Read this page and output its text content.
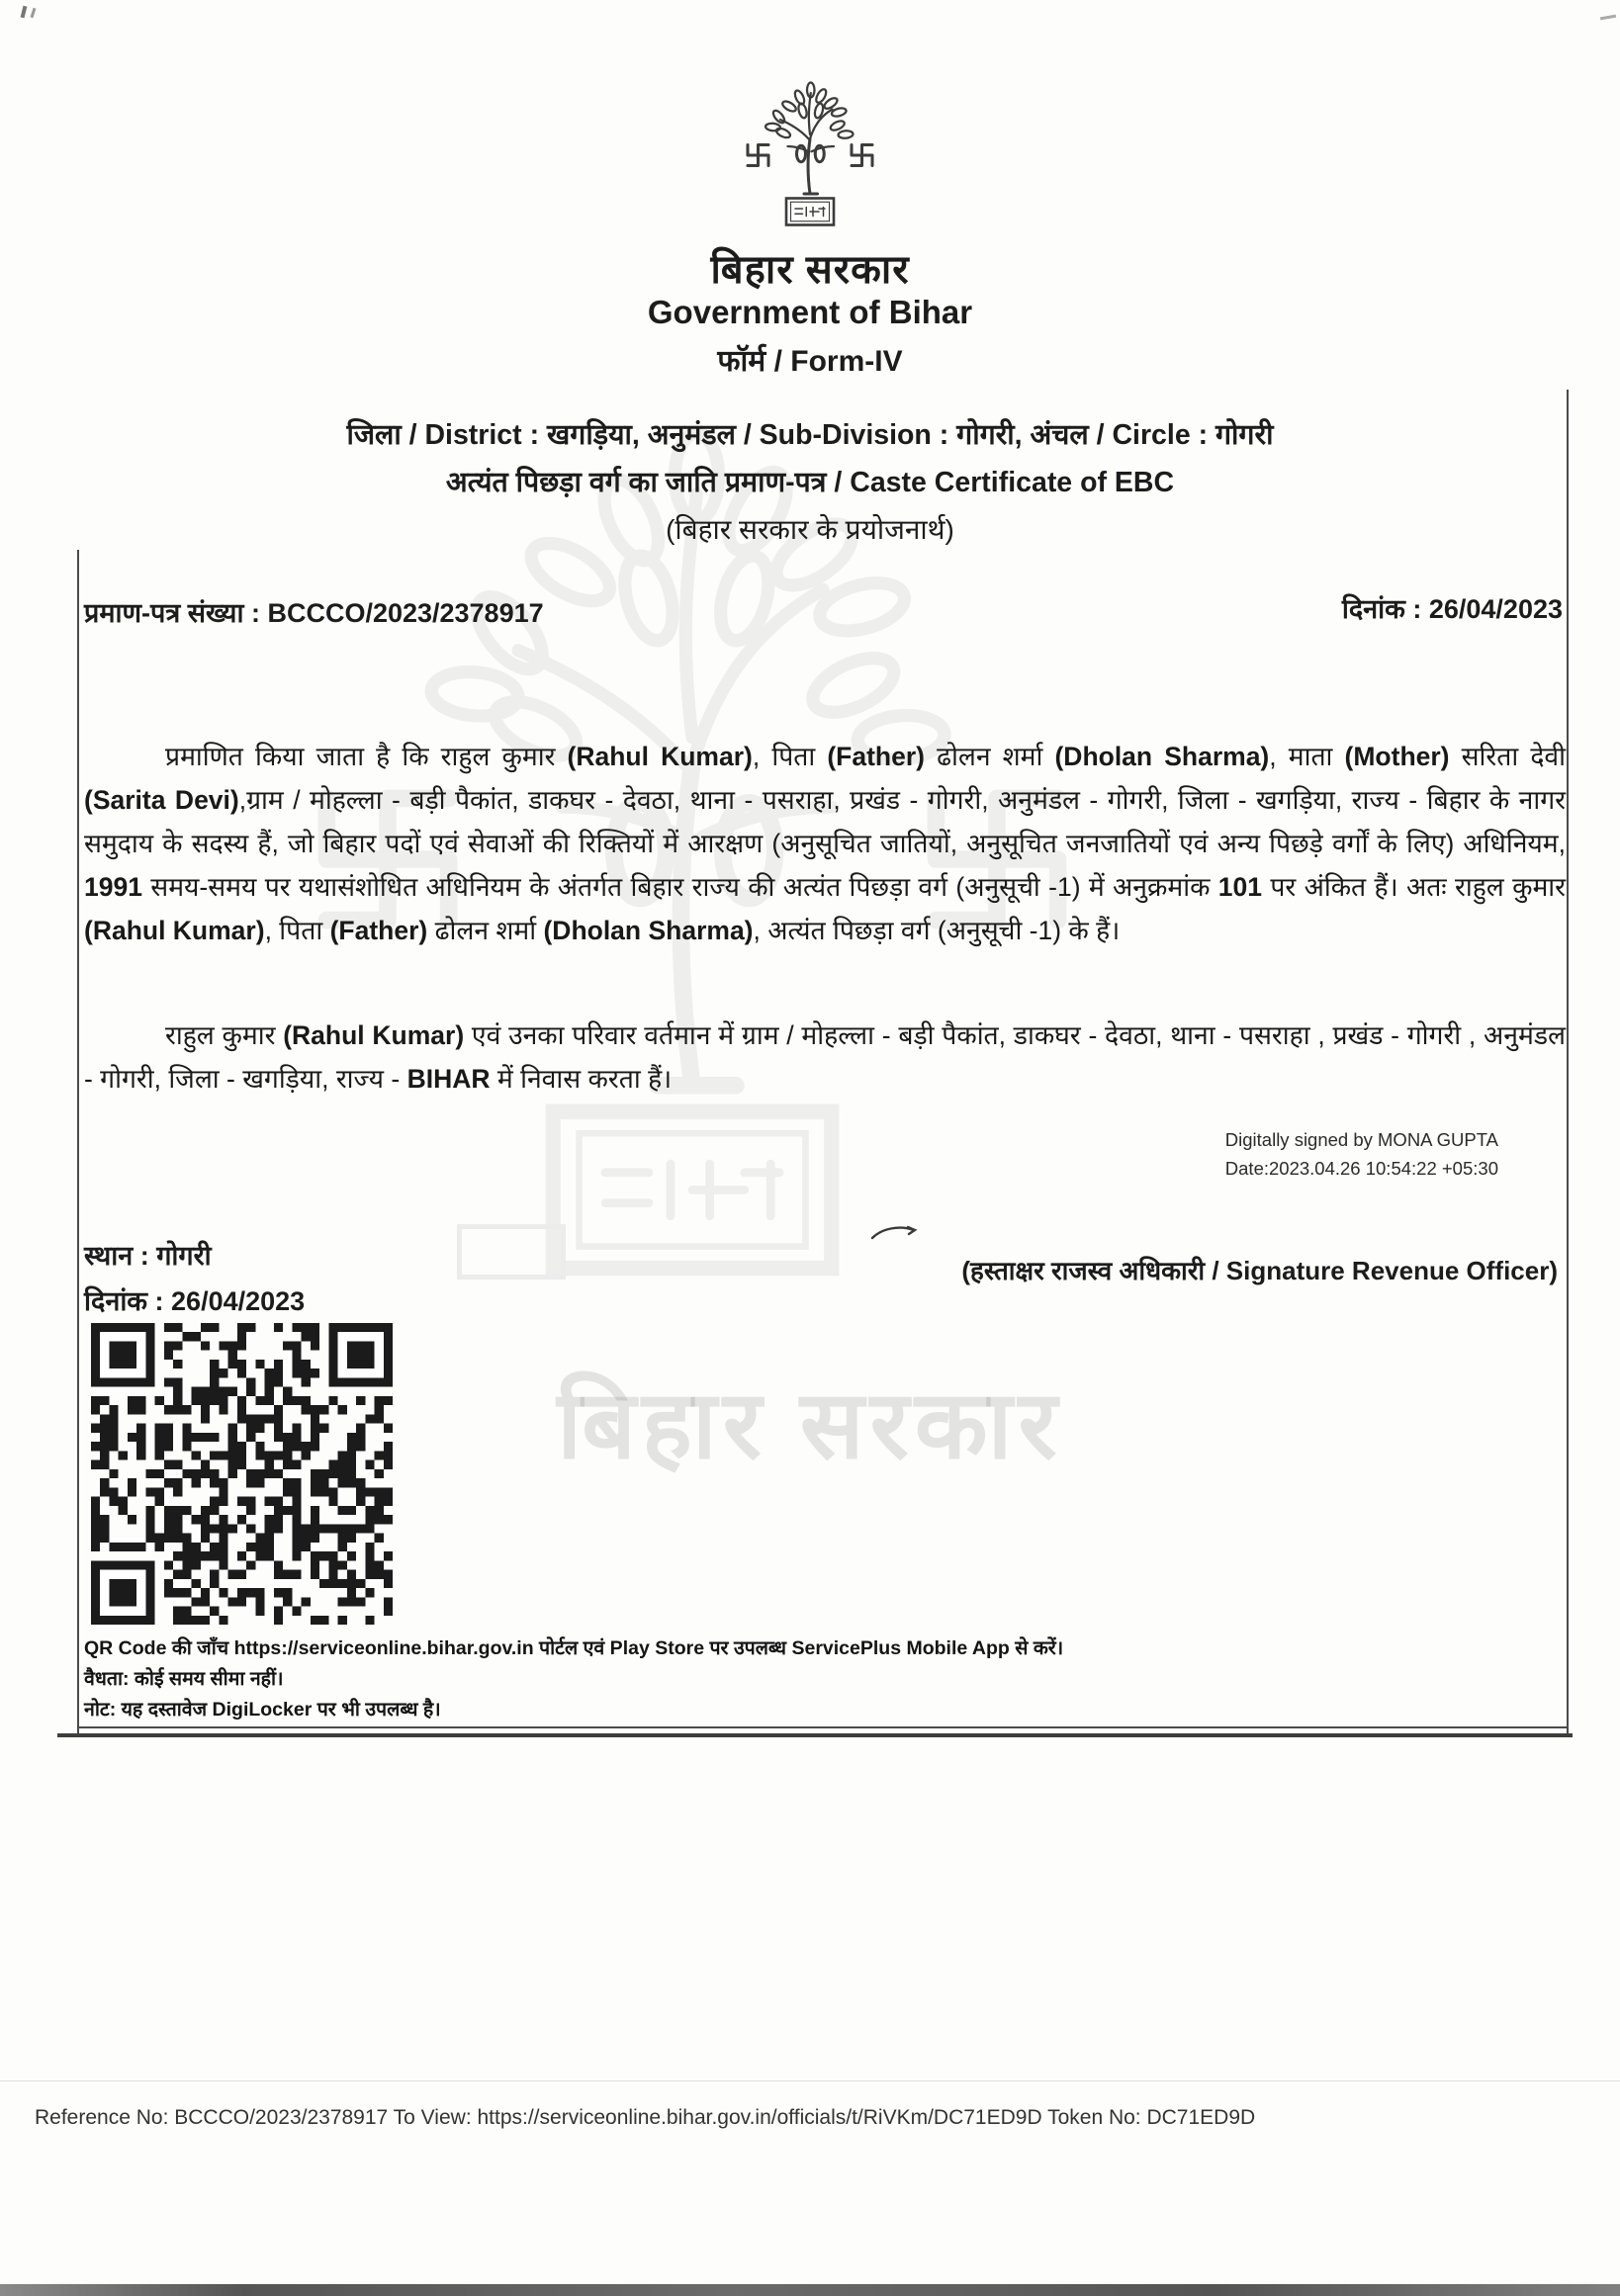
बिहार सरकार
बिहार सरकार
Government of Bihar
फॉर्म / Form-IV
जिला / District : खगड़िया, अनुमंडल / Sub-Division : गोगरी, अंचल / Circle : गोगरी
अत्यंत पिछड़ा वर्ग का जाति प्रमाण-पत्र / Caste Certificate of EBC
(बिहार सरकार के प्रयोजनार्थ)
प्रमाण-पत्र संख्या : BCCCO/2023/2378917	दिनांक : 26/04/2023

प्रमाणित किया जाता है कि राहुल कुमार (Rahul Kumar), पिता (Father) ढोलन शर्मा (Dholan Sharma), माता (Mother) सरिता देवी (Sarita Devi),ग्राम / मोहल्ला - बड़ी पैकांत, डाकघर - देवठा, थाना - पसराहा, प्रखंड - गोगरी, अनुमंडल - गोगरी, जिला - खगड़िया, राज्य - बिहार के नागर समुदाय के सदस्य हैं, जो बिहार पदों एवं सेवाओं की रिक्तियों में आरक्षण (अनुसूचित जातियों, अनुसूचित जनजातियों एवं अन्य पिछड़े वर्गों के लिए) अधिनियम, 1991 समय-समय पर यथासंशोधित अधिनियम के अंतर्गत बिहार राज्य की अत्यंत पिछड़ा वर्ग (अनुसूची -1) में अनुक्रमांक 101 पर अंकित हैं। अतः राहुल कुमार (Rahul Kumar), पिता (Father) ढोलन शर्मा (Dholan Sharma), अत्यंत पिछड़ा वर्ग (अनुसूची -1) के हैं।

राहुल कुमार (Rahul Kumar) एवं उनका परिवार वर्तमान में ग्राम / मोहल्ला - बड़ी पैकांत, डाकघर - देवठा, थाना - पसराहा , प्रखंड - गोगरी , अनुमंडल - गोगरी, जिला - खगड़िया, राज्य - BIHAR में निवास करता हैं।

Digitally signed by MONA GUPTA
Date:2023.04.26 10:54:22 +05:30
स्थान : गोगरी
दिनांक : 26/04/2023
(हस्ताक्षर राजस्व अधिकारी / Signature Revenue Officer)
QR Code की जाँच https://serviceonline.bihar.gov.in पोर्टल एवं Play Store पर उपलब्ध ServicePlus Mobile App से करें।
वैधता: कोई समय सीमा नहीं।
नोट: यह दस्तावेज DigiLocker पर भी उपलब्ध है।
Reference No: BCCCO/2023/2378917 To View: https://serviceonline.bihar.gov.in/officials/t/RiVKm/DC71ED9D Token No: DC71ED9D
